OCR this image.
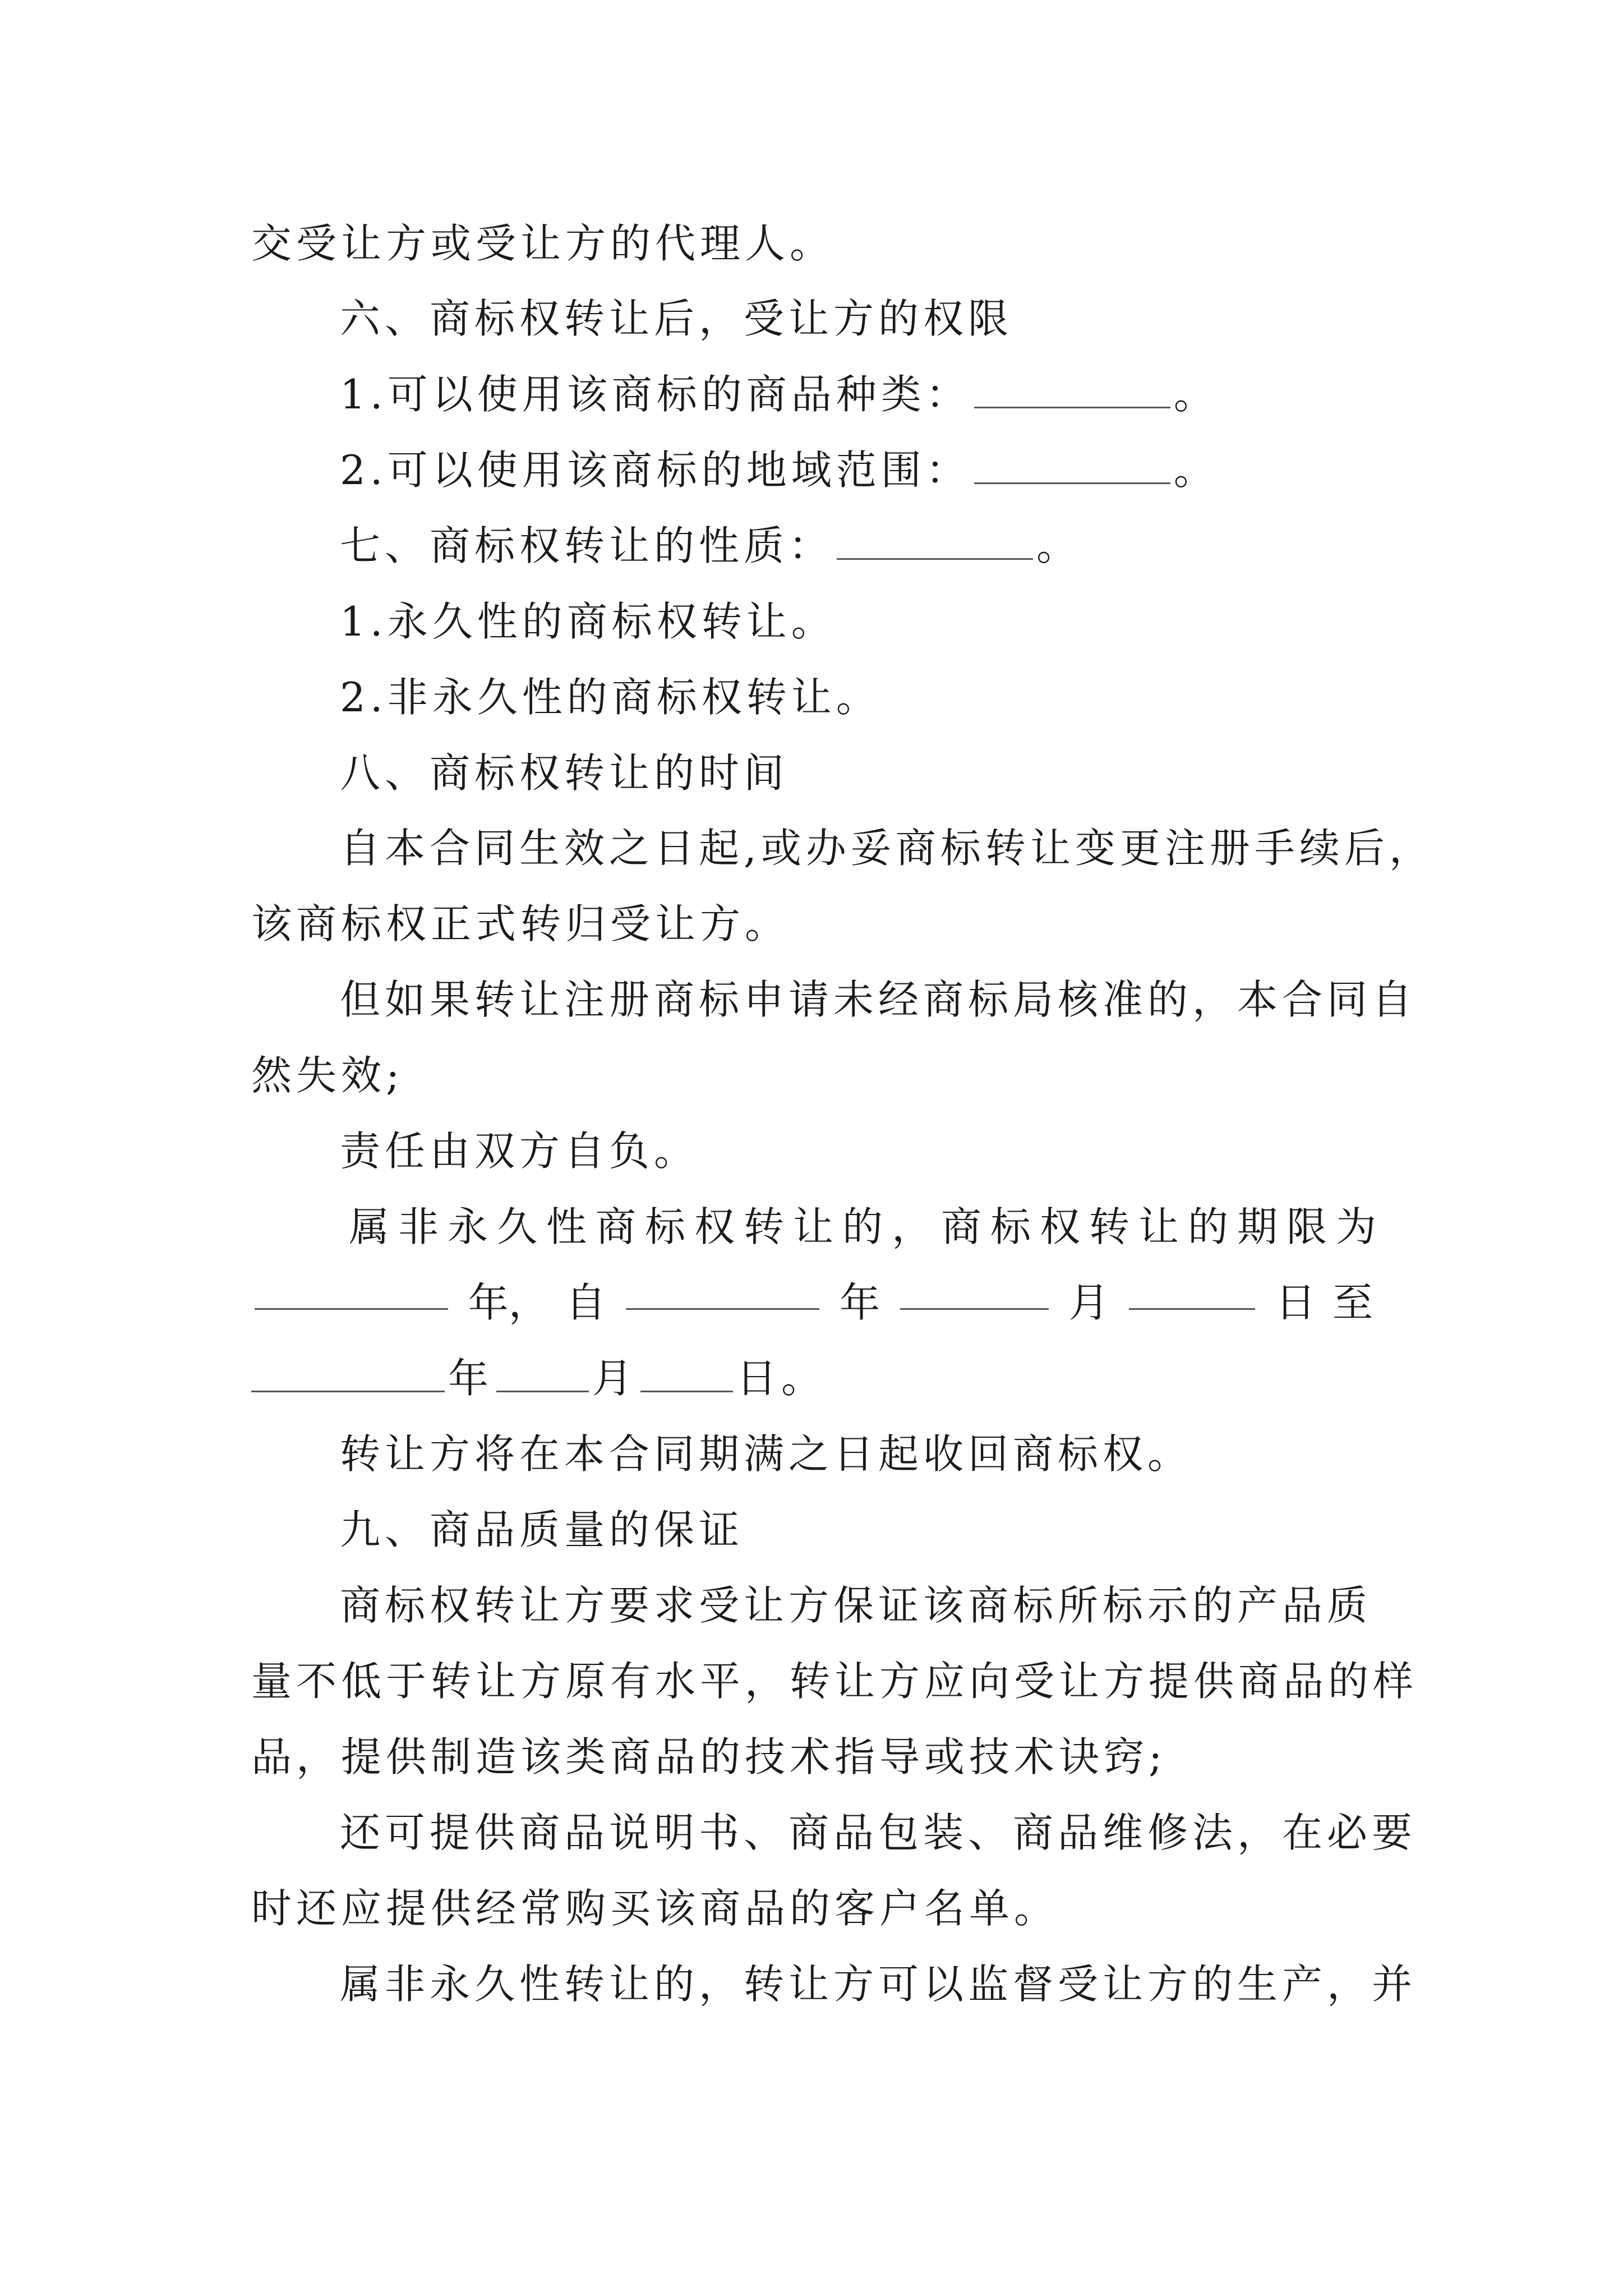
交受让方或受让方的代理人。
六、商标权转让后，受让方的权限
1.可以使用该商标的商品种类：	。
2.可以使用该商标的地域范围：	。
七、商标权转让的性质：	。
1.永久性的商标权转让。
2.非永久性的商标权转让。
八、商标权转让的时间
自本合同生效之日起,或办妥商标转让变更注册手续后，
该商标权正式转归受让方。
但如果转让注册商标申请未经商标局核准的，本合同自
然失效;
责任由双方自负。
属非永久性商标权转让的，商标权转让的期限为
年， 自	年	月	日 至
年 月 日。
转让方将在本合同期满之日起收回商标权。
九、商品质量的保证
商标权转让方要求受让方保证该商标所标示的产品质
量不低于转让方原有水平，转让方应向受让方提供商品的样
品，提供制造该类商品的技术指导或技术诀窍;
还可提供商品说明书、商品包装、商品维修法，在必要
时还应提供经常购买该商品的客户名单。
属非永久性转让的，转让方可以监督受让方的生产，并
